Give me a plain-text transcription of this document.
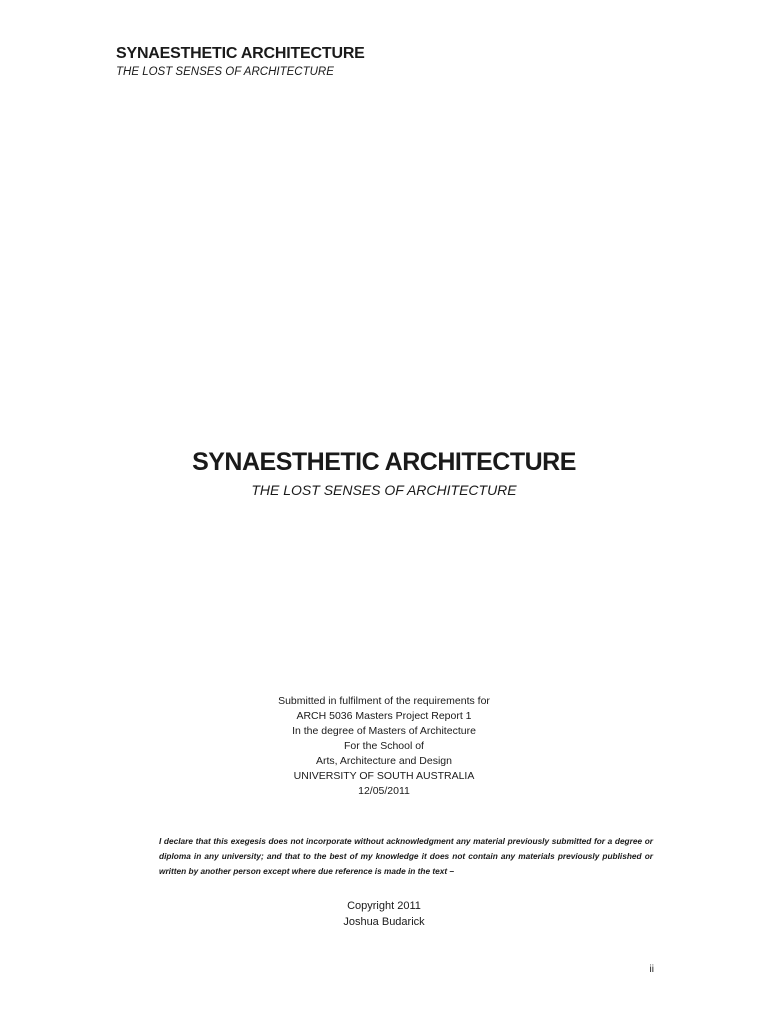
SYNAESTHETIC ARCHITECTURE
THE LOST SENSES OF ARCHITECTURE
SYNAESTHETIC ARCHITECTURE
THE LOST SENSES OF ARCHITECTURE
Submitted in fulfilment of the requirements for
ARCH 5036 Masters Project Report 1
In the degree of Masters of Architecture
For the School of
Arts, Architecture and Design
UNIVERSITY OF SOUTH AUSTRALIA
12/05/2011
I declare that this exegesis does not incorporate without acknowledgment any material previously submitted for a degree or diploma in any university; and that to the best of my knowledge it does not contain any materials previously published or written by another person except where due reference is made in the text –
Copyright 2011
Joshua Budarick
ii
